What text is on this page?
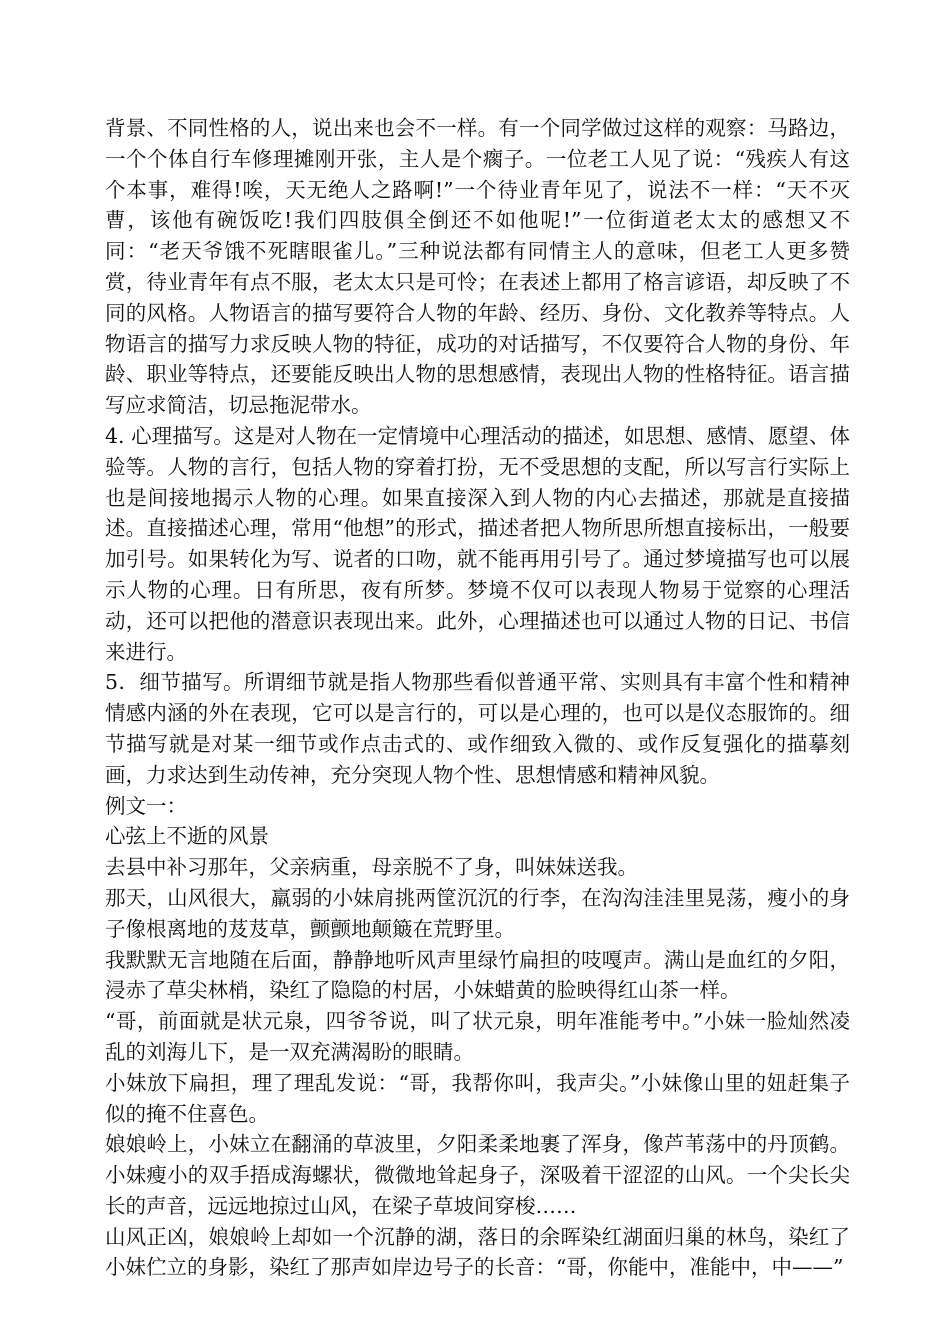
背景、不同性格的人，说出来也会不一样。有一个同学做过这样的观察：马路边，一个个体自行车修理摊刚开张，主人是个瘸子。一位老工人见了说：“残疾人有这个本事，难得!唉，天无绝人之路啊!”一个待业青年见了，说法不一样：“天不灭曹，该他有碗饭吃!我们四肢俱全倒还不如他呢!”一位街道老太太的感想又不同：“老天爷饿不死瞎眼雀儿。”三种说法都有同情主人的意味，但老工人更多赞赏，待业青年有点不服，老太太只是可怜；在表述上都用了格言谚语，却反映了不同的风格。人物语言的描写要符合人物的年龄、经历、身份、文化教养等特点。人物语言的描写力求反映人物的特征，成功的对话描写，不仅要符合人物的身份、年龄、职业等特点，还要能反映出人物的思想感情，表现出人物的性格特征。语言描写应求简洁，切忌拖泥带水。

4. 心理描写。这是对人物在一定情境中心理活动的描述，如思想、感情、愿望、体验等。人物的言行，包括人物的穿着打扮，无不受思想的支配，所以写言行实际上也是间接地揭示人物的心理。如果直接深入到人物的内心去描述，那就是直接描述。直接描述心理，常用“他想”的形式，描述者把人物所思所想直接标出，一般要加引号。如果转化为写、说者的口吻，就不能再用引号了。通过梦境描写也可以展示人物的心理。日有所思，夜有所梦。梦境不仅可以表现人物易于觉察的心理活动，还可以把他的潜意识表现出来。此外，心理描述也可以通过人物的日记、书信来进行。

5．细节描写。所谓细节就是指人物那些看似普通平常、实则具有丰富个性和精神情感内涵的外在表现，它可以是言行的，可以是心理的，也可以是仪态服饰的。细节描写就是对某一细节或作点击式的、或作细致入微的、或作反复强化的描摹刻画，力求达到生动传神，充分突现人物个性、思想情感和精神风貌。

例文一：

心弦上不逝的风景

去县中补习那年，父亲病重，母亲脱不了身，叫妹妹送我。

那天，山风很大，羸弱的小妹肩挑两筐沉沉的行李，在沟沟洼洼里晃荡，瘦小的身子像根离地的芨芨草，颤颤地颠簸在荒野里。

我默默无言地随在后面，静静地听风声里绿竹扁担的吱嘎声。满山是血红的夕阳，浸赤了草尖林梢，染红了隐隐的村居，小妹蜡黄的脸映得红山茶一样。

“哥，前面就是状元泉，四爷爷说，叫了状元泉，明年准能考中。”小妹一脸灿然凌乱的刘海儿下，是一双充满渴盼的眼睛。

小妹放下扁担，理了理乱发说：“哥，我帮你叫，我声尖。”小妹像山里的妞赶集子似的掩不住喜色。

娘娘岭上，小妹立在翻涌的草波里，夕阳柔柔地裹了浑身，像芦苇荡中的丹顶鹤。小妹瘦小的双手捂成海螺状，微微地耸起身子，深吸着干涩涩的山风。一个尖长尖长的声音，远远地掠过山风，在梁子草坡间穿梭……

山风正凶，娘娘岭上却如一个沉静的湖，落日的余晖染红湖面归巢的林鸟，染红了小妹伫立的身影，染红了那声如岸边号子的长音：“哥，你能中，准能中，中——”
